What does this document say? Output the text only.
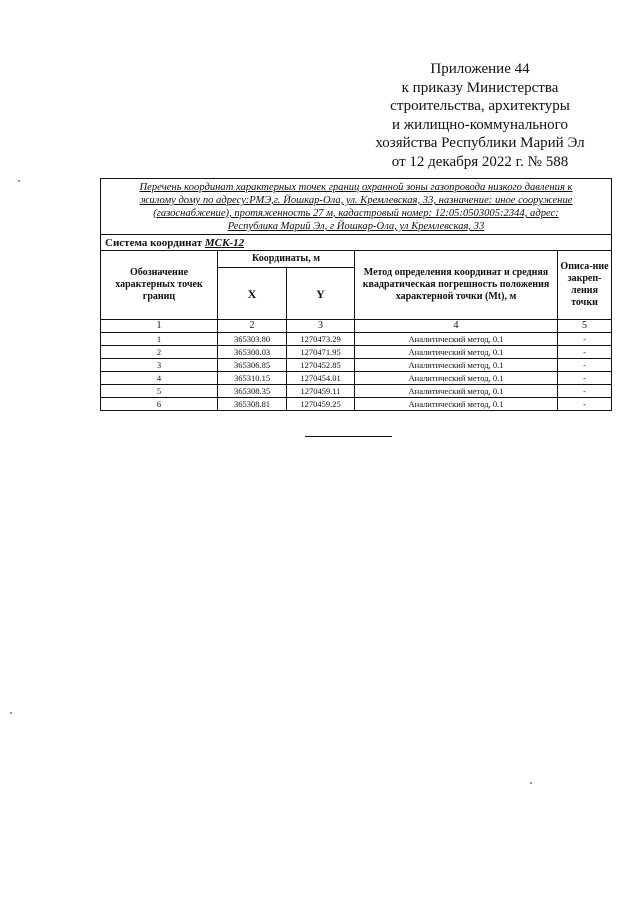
Приложение 44
к приказу Министерства
строительства, архитектуры
и жилищно-коммунального
хозяйства Республики Марий Эл
от 12 декабря 2022 г. № 588
Перечень координат характерных точек границ охранной зоны газопровода низкого давления к
жилому дому по адресу:РМЭ,г. Йошкар-Ола, ул. Кремлевская, 33, назначение: иное сооружение
(газоснабжение), протяженность 27 м, кадастровый номер: 12:05:0503005:2344, адрес:
Республика Марий Эл, г Йошкар-Ола, ул Кремлевская, 33				

Система координат МСК-12				
Обозначение характерных точек границ	Координаты, м		Метод определения координат и средняя квадратическая погрешность положения характерной точки (Mt), м	Описа-ние закреп-ления точки
	X	Y		
1	2	3	4	5
1	365303.80	1270473.29	Аналитический метод, 0.1	-
2	365300.03	1270471.95	Аналитический метод, 0.1	-
3	365306.85	1270452.85	Аналитический метод, 0.1	-
4	365310.15	1270454.01	Аналитический метод, 0.1	-
5	365308.35	1270459.11	Аналитический метод, 0.1	-
6	365308.81	1270459.25	Аналитический метод, 0.1	-
